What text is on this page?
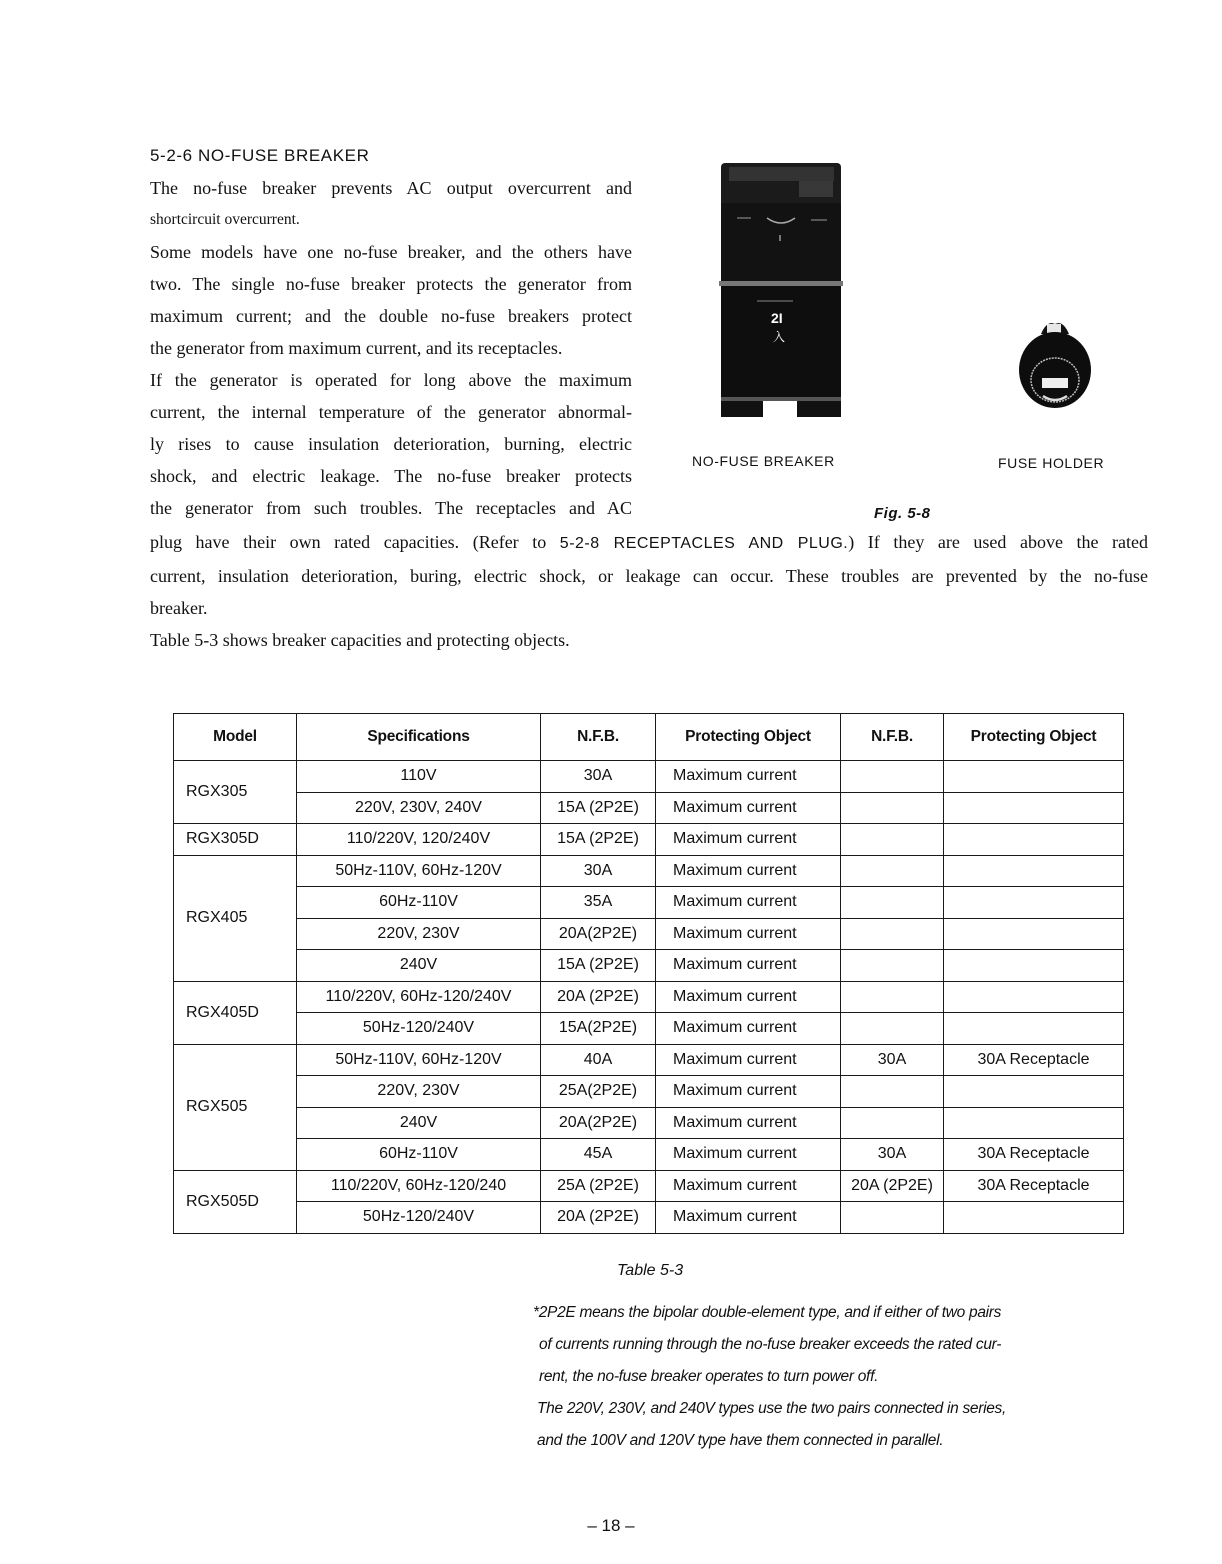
5-2-6 NO-FUSE BREAKER

The no-fuse breaker prevents AC output overcurrent and

shortcircuit overcurrent.

Some models have one no-fuse breaker, and the others have

two. The single no-fuse breaker protects the generator from

maximum current; and the double no-fuse breakers protect

the generator from maximum current, and its receptacles.

If the generator is operated for long above the maximum

current, the internal temperature of the generator abnormal-

ly rises to cause insulation deterioration, burning, electric

shock, and electric leakage. The no-fuse breaker protects

the generator from such troubles. The receptacles and AC

plug have their own rated capacities. (Refer to 5-2-8 RECEPTACLES AND PLUG.) If they are used above the rated

current, insulation deterioration, buring, electric shock, or leakage can occur. These troubles are prevented by the no-fuse

breaker.

Table 5-3 shows breaker capacities and protecting objects.

2I
入
NO-FUSE BREAKER	FUSE HOLDER
Fig. 5-8
Model	Specifications	N.F.B.	Protecting Object	N.F.B.	Protecting Object
RGX305	110V	30A	Maximum current		
	220V, 230V, 240V	15A (2P2E)	Maximum current		
RGX305D	110/220V, 120/240V	15A (2P2E)	Maximum current		
RGX405	50Hz-110V, 60Hz-120V	30A	Maximum current		
	60Hz-110V	35A	Maximum current		
	220V, 230V	20A(2P2E)	Maximum current		
	240V	15A (2P2E)	Maximum current		
RGX405D	110/220V, 60Hz-120/240V	20A (2P2E)	Maximum current		
	50Hz-120/240V	15A(2P2E)	Maximum current		
RGX505	50Hz-110V, 60Hz-120V	40A	Maximum current	30A	30A Receptacle
	220V, 230V	25A(2P2E)	Maximum current		
	240V	20A(2P2E)	Maximum current		
	60Hz-110V	45A	Maximum current	30A	30A Receptacle
RGX505D	110/220V, 60Hz-120/240	25A (2P2E)	Maximum current	20A (2P2E)	30A Receptacle
	50Hz-120/240V	20A (2P2E)	Maximum current		
Table 5-3

*2P2E means the bipolar double-element type, and if either of two pairs

of currents running through the no-fuse breaker exceeds the rated cur-

rent, the no-fuse breaker operates to turn power off.

The 220V, 230V, and 240V types use the two pairs connected in series,

and the 100V and 120V type have them connected in parallel.

– 18 –
